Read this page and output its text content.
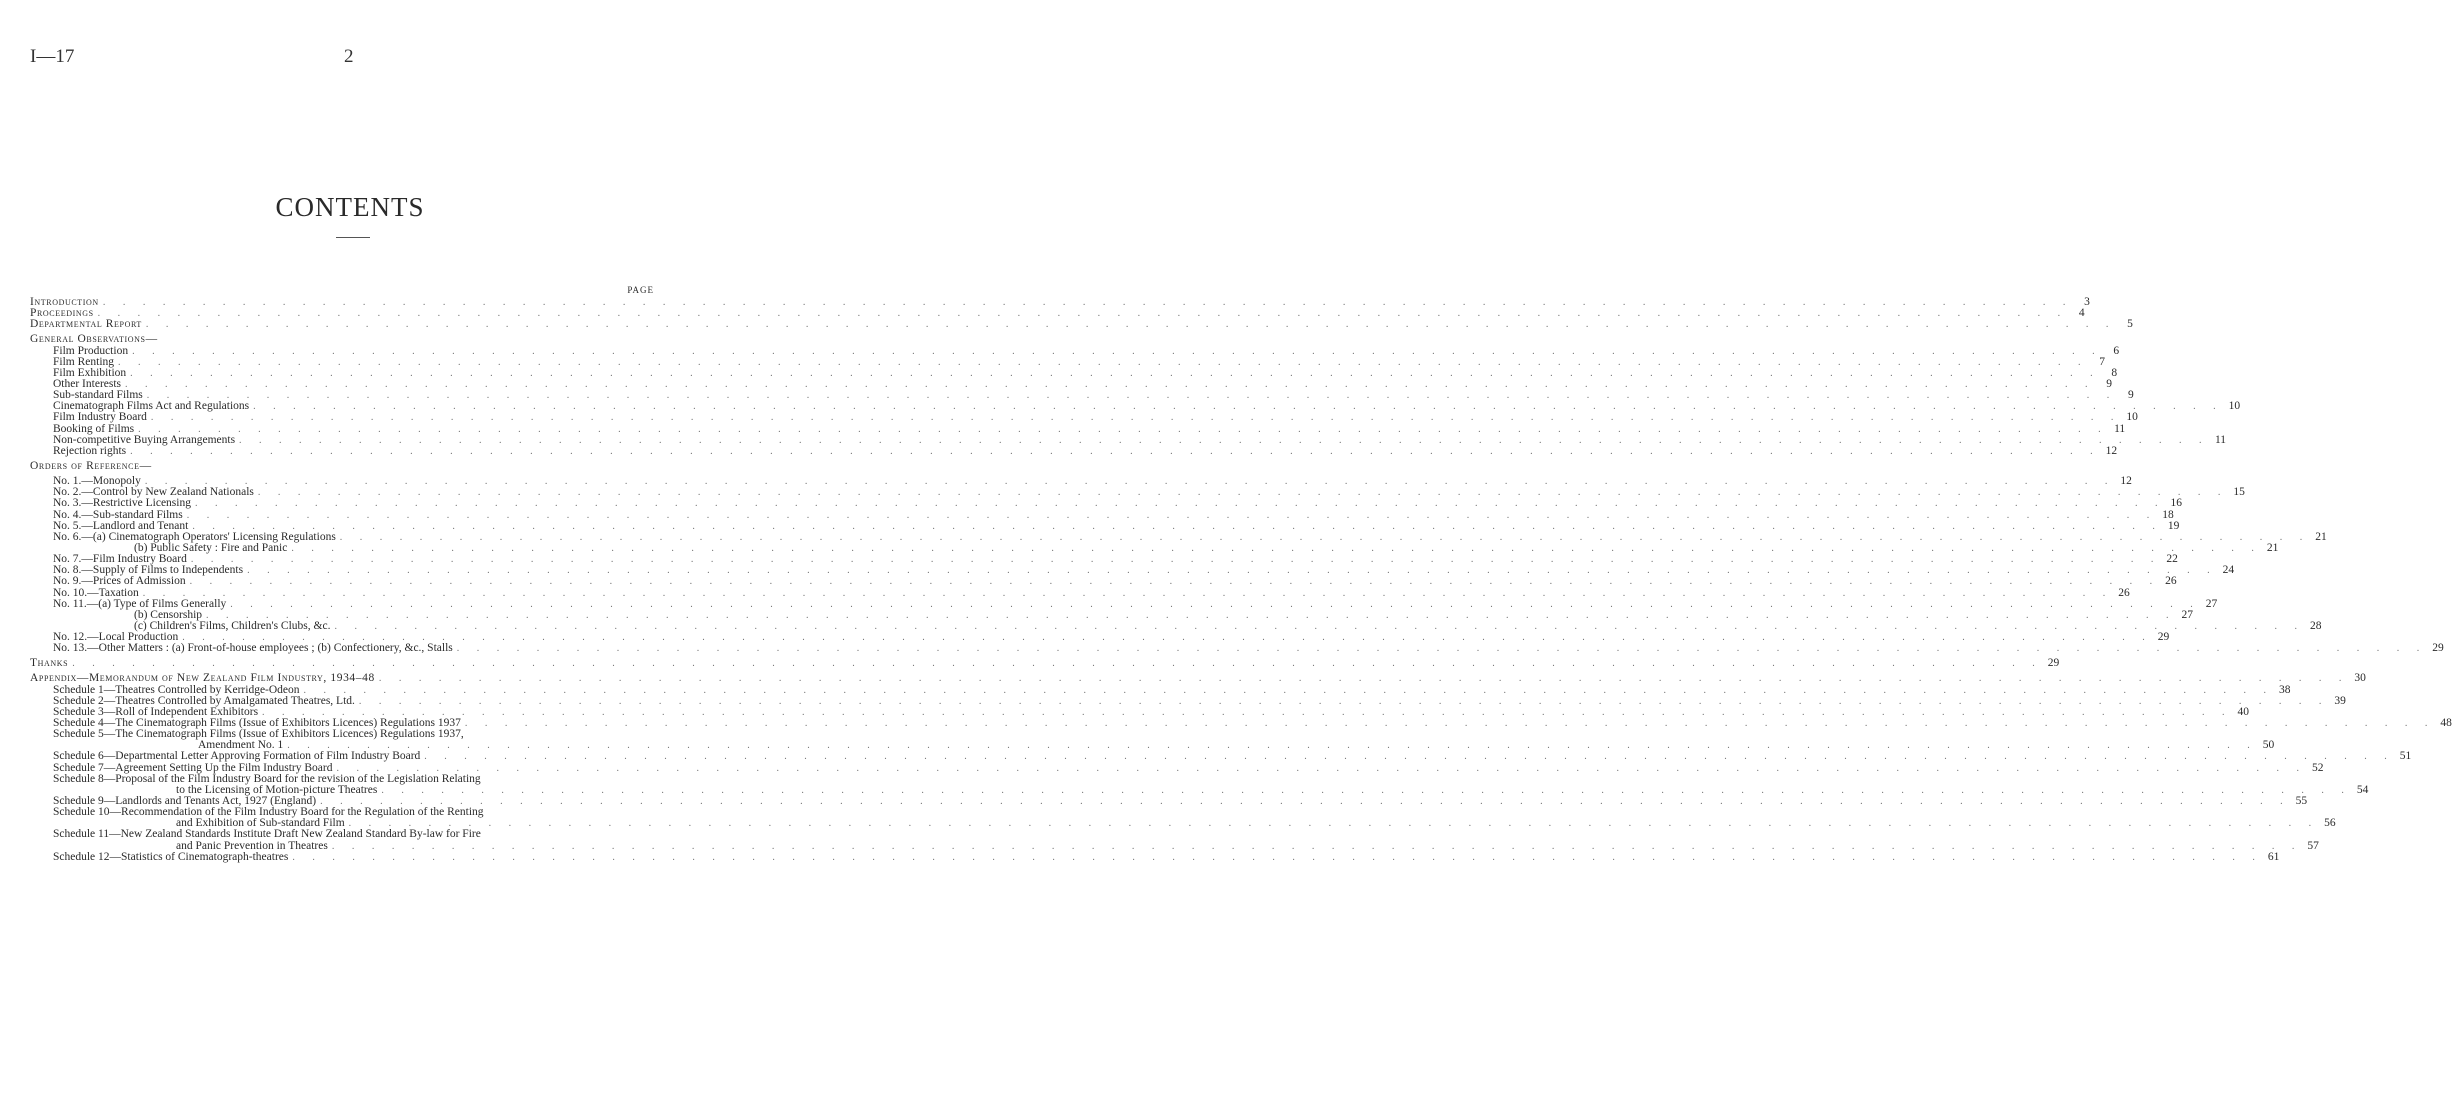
I—17	2
CONTENTS
PAGE
Introduction . . .	3
Proceedings . . .	4
Departmental Report . . .	5
General Observations—
Film Production . . .	6
Film Renting . . .	7
Film Exhibition . . .	8
Other Interests . . .	9
Sub-standard Films . . .	9
Cinematograph Films Act and Regulations . . .	10
Film Industry Board . . .	10
Booking of Films . . .	11
Non-competitive Buying Arrangements . . .	11
Rejection rights . . .	12
Orders of Reference—
No. 1.—Monopoly . . .	12
No. 2.—Control by New Zealand Nationals . . .	15
No. 3.—Restrictive Licensing . . .	16
No. 4.—Sub-standard Films . . .	18
No. 5.—Landlord and Tenant . . .	19
No. 6.—(a) Cinematograph Operators' Licensing Regulations . . .	21
(b) Public Safety : Fire and Panic . . .	21
No. 7.—Film Industry Board . . .	22
No. 8.—Supply of Films to Independents . . .	24
No. 9.—Prices of Admission . . .	26
No. 10.—Taxation . . .	26
No. 11.—(a) Type of Films Generally . . .	27
(b) Censorship . . .	27
(c) Children's Films, Children's Clubs, &c. . . .	28
No. 12.—Local Production . . .	29
No. 13.—Other Matters : (a) Front-of-house employees ; (b) Confectionery, &c., Stalls . . .	29
Thanks . . .	29
Appendix—Memorandum of New Zealand Film Industry, 1934–48 . . .	30
Schedule 1—Theatres Controlled by Kerridge-Odeon . . .	38
Schedule 2—Theatres Controlled by Amalgamated Theatres, Ltd. . . .	39
Schedule 3—Roll of Independent Exhibitors . . .	40
Schedule 4—The Cinematograph Films (Issue of Exhibitors Licences) Regulations 1937 . . .	48
Schedule 5—The Cinematograph Films (Issue of Exhibitors Licences) Regulations 1937,
Amendment No. 1 . . .	50
Schedule 6—Departmental Letter Approving Formation of Film Industry Board . . .	51
Schedule 7—Agreement Setting Up the Film Industry Board . . .	52
Schedule 8—Proposal of the Film Industry Board for the revision of the Legislation Relating
to the Licensing of Motion-picture Theatres . . .	54
Schedule 9—Landlords and Tenants Act, 1927 (England) . . .	55
Schedule 10—Recommendation of the Film Industry Board for the Regulation of the Renting
and Exhibition of Sub-standard Film . . .	56
Schedule 11—New Zealand Standards Institute Draft New Zealand Standard By-law for Fire
and Panic Prevention in Theatres . . .	57
Schedule 12—Statistics of Cinematograph-theatres . . .	61
